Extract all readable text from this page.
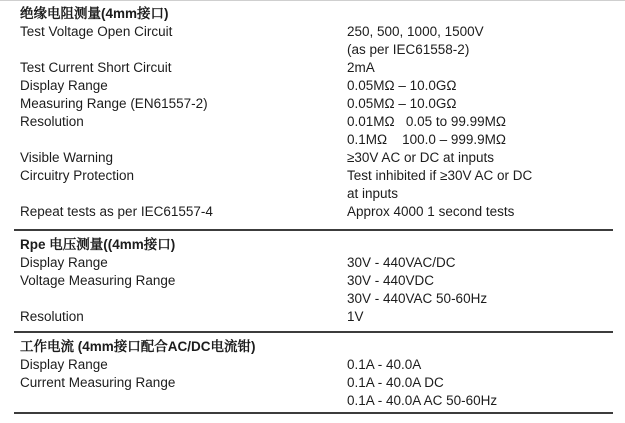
绝缘电阻测量(4mm接口)
Test Voltage Open Circuit	250, 500, 1000, 1500V
(as per IEC61558-2)
Test Current Short Circuit	2mA
Display Range	0.05MΩ – 10.0GΩ
Measuring Range (EN61557-2)	0.05MΩ – 10.0GΩ
Resolution	0.01MΩ   0.05 to 99.99MΩ
0.1MΩ    100.0 – 999.9MΩ
Visible Warning	≥30V AC or DC at inputs
Circuitry Protection	Test inhibited if ≥30V AC or DC
at inputs
Repeat tests as per IEC61557-4	Approx 4000 1 second tests
Rpe 电压测量((4mm接口)
Display Range	30V - 440VAC/DC
Voltage Measuring Range	30V - 440VDC
30V - 440VAC 50-60Hz
Resolution	1V
工作电流 (4mm接口配合AC/DC电流钳)
Display Range	0.1A - 40.0A
Current Measuring Range	0.1A - 40.0A DC
0.1A - 40.0A AC 50-60Hz
